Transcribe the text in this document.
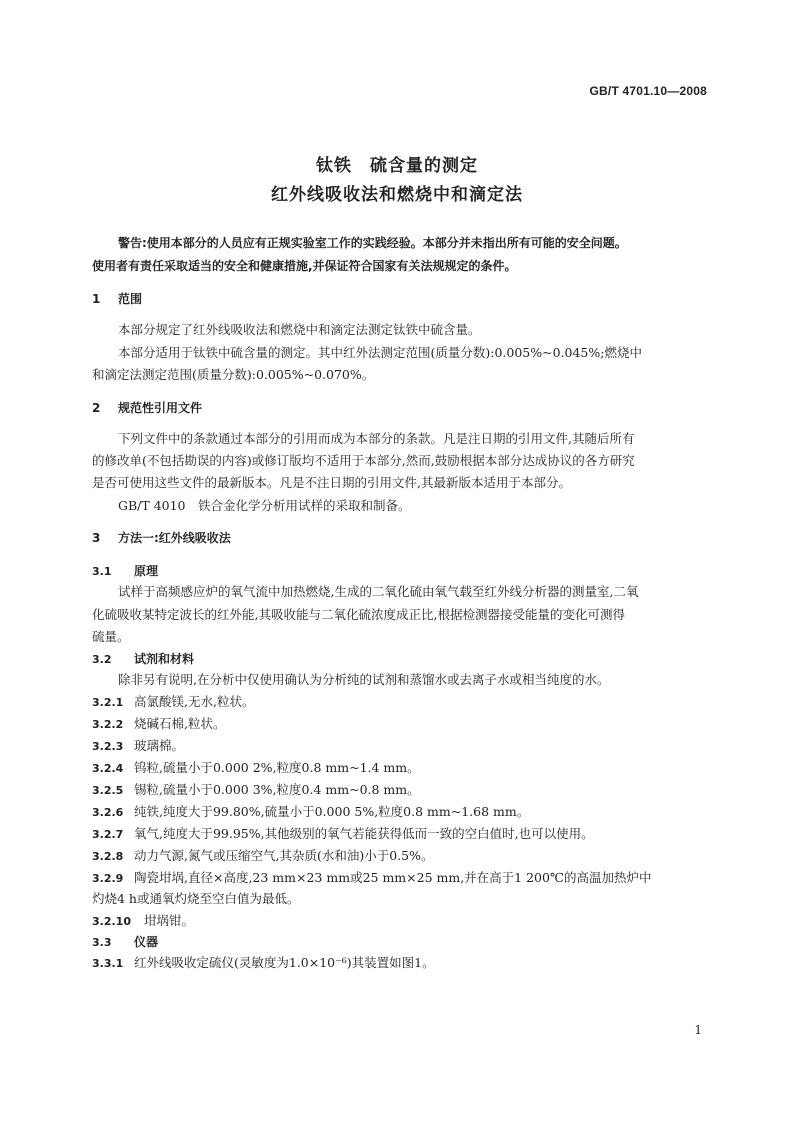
GB/T 4701.10—2008
钛铁 硫含量的测定
红外线吸收法和燃烧中和滴定法
警告:使用本部分的人员应有正规实验室工作的实践经验。本部分并未指出所有可能的安全问题。
使用者有责任采取适当的安全和健康措施,并保证符合国家有关法规规定的条件。
1 范围
本部分规定了红外线吸收法和燃烧中和滴定法测定钛铁中硫含量。
本部分适用于钛铁中硫含量的测定。其中红外法测定范围(质量分数):0.005%~0.045%;燃烧中
和滴定法测定范围(质量分数):0.005%~0.070%。
2 规范性引用文件
下列文件中的条款通过本部分的引用而成为本部分的条款。凡是注日期的引用文件,其随后所有
的修改单(不包括勘误的内容)或修订版均不适用于本部分,然而,鼓励根据本部分达成协议的各方研究
是否可使用这些文件的最新版本。凡是不注日期的引用文件,其最新版本适用于本部分。
GB/T 4010　铁合金化学分析用试样的采取和制备。
3 方法一:红外线吸收法
3.1 原理
试样于高频感应炉的氧气流中加热燃烧,生成的二氧化硫由氧气载至红外线分析器的测量室,二氧
化硫吸收某特定波长的红外能,其吸收能与二氧化硫浓度成正比,根据检测器接受能量的变化可测得
硫量。
3.2 试剂和材料
除非另有说明,在分析中仅使用确认为分析纯的试剂和蒸馏水或去离子水或相当纯度的水。
3.2.1 高氯酸镁,无水,粒状。
3.2.2 烧碱石棉,粒状。
3.2.3 玻璃棉。
3.2.4 钨粒,硫量小于0.000 2%,粒度0.8 mm~1.4 mm。
3.2.5 锡粒,硫量小于0.000 3%,粒度0.4 mm~0.8 mm。
3.2.6 纯铁,纯度大于99.80%,硫量小于0.000 5%,粒度0.8 mm~1.68 mm。
3.2.7 氧气,纯度大于99.95%,其他级别的氧气若能获得低而一致的空白值时,也可以使用。
3.2.8 动力气源,氮气或压缩空气,其杂质(水和油)小于0.5%。
3.2.9 陶瓷坩埚,直径×高度,23 mm×23 mm或25 mm×25 mm,并在高于1 200℃的高温加热炉中
灼烧4 h或通氧灼烧至空白值为最低。
3.2.10 坩埚钳。
3.3 仪器
3.3.1 红外线吸收定硫仪(灵敏度为1.0×10⁻⁶)其装置如图1。
1
